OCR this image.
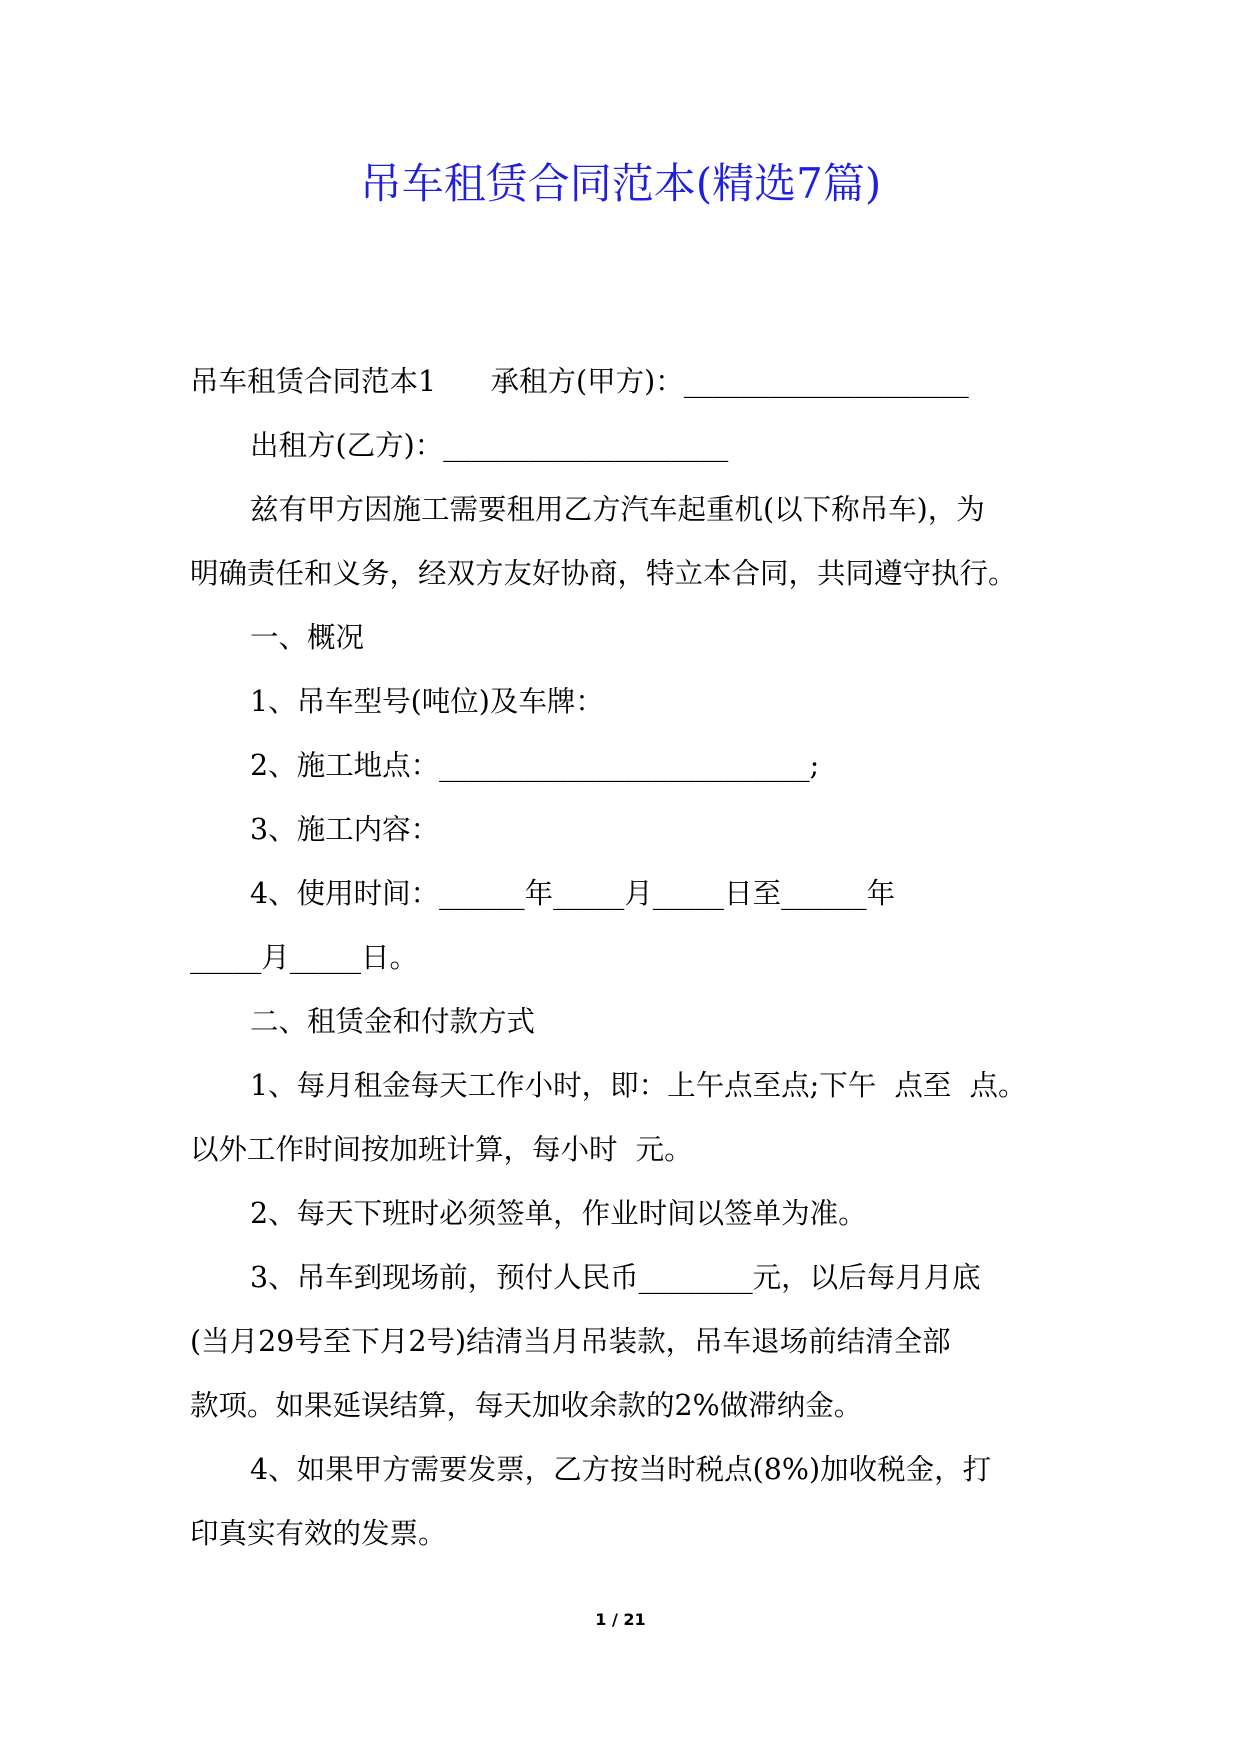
吊车租赁合同范本(精选7篇)

吊车租赁合同范本1      承租方(甲方)：____________________

出租方(乙方)：____________________

兹有甲方因施工需要租用乙方汽车起重机(以下称吊车)，为

明确责任和义务，经双方友好协商，特立本合同，共同遵守执行。

一、概况

1、吊车型号(吨位)及车牌：

2、施工地点：__________________________;

3、施工内容：

4、使用时间：______年_____月_____日至______年

_____月_____日。

二、租赁金和付款方式

1、每月租金每天工作小时，即：上午点至点;下午  点至  点。

以外工作时间按加班计算，每小时  元。

2、每天下班时必须签单，作业时间以签单为准。

3、吊车到现场前，预付人民币________元，以后每月月底

(当月29号至下月2号)结清当月吊装款，吊车退场前结清全部

款项。如果延误结算，每天加收余款的2%做滞纳金。

4、如果甲方需要发票，乙方按当时税点(8%)加收税金，打

印真实有效的发票。

1 / 21
